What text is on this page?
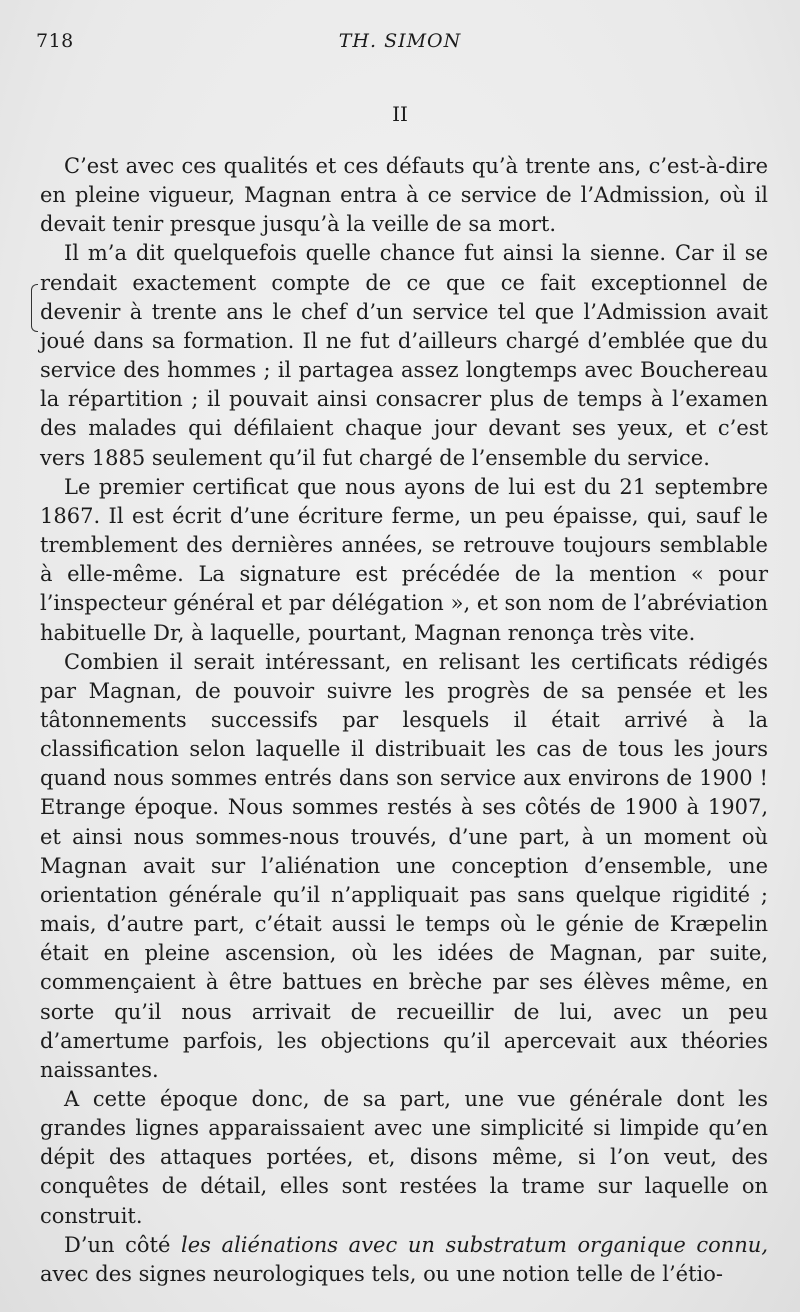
718	TH. SIMON
II

C’est avec ces qualités et ces défauts qu’à trente ans, c’est-à-dire en pleine vigueur, Magnan entra à ce service de l’Admission, où il devait tenir presque jusqu’à la veille de sa mort.

Il m’a dit quelquefois quelle chance fut ainsi la sienne. Car il se rendait exactement compte de ce que ce fait exceptionnel de devenir à trente ans le chef d’un service tel que l’Admission avait joué dans sa formation. Il ne fut d’ailleurs chargé d’emblée que du service des hommes ; il partagea assez longtemps avec Bouchereau la répartition ; il pouvait ainsi consacrer plus de temps à l’examen des malades qui défilaient chaque jour devant ses yeux, et c’est vers 1885 seulement qu’il fut chargé de l’ensemble du service.

Le premier certificat que nous ayons de lui est du 21 septembre 1867. Il est écrit d’une écriture ferme, un peu épaisse, qui, sauf le tremblement des dernières années, se retrouve toujours semblable à elle-même. La signature est précédée de la mention « pour l’inspecteur général et par délégation », et son nom de l’abréviation habituelle Dr, à laquelle, pourtant, Magnan renonça très vite.

Combien il serait intéressant, en relisant les certificats rédigés par Magnan, de pouvoir suivre les progrès de sa pensée et les tâtonnements successifs par lesquels il était arrivé à la classification selon laquelle il distribuait les cas de tous les jours quand nous sommes entrés dans son service aux environs de 1900 ! Etrange époque. Nous sommes restés à ses côtés de 1900 à 1907, et ainsi nous sommes-nous trouvés, d’une part, à un moment où Magnan avait sur l’aliénation une conception d’ensemble, une orientation générale qu’il n’appliquait pas sans quelque rigidité ; mais, d’autre part, c’était aussi le temps où le génie de Kræpelin était en pleine ascension, où les idées de Magnan, par suite, commençaient à être battues en brèche par ses élèves même, en sorte qu’il nous arrivait de recueillir de lui, avec un peu d’amertume parfois, les objections qu’il apercevait aux théories naissantes.

A cette époque donc, de sa part, une vue générale dont les grandes lignes apparaissaient avec une simplicité si limpide qu’en dépit des attaques portées, et, disons même, si l’on veut, des conquêtes de détail, elles sont restées la trame sur laquelle on construit.

D’un côté les aliénations avec un substratum organique connu, avec des signes neurologiques tels, ou une notion telle de l’étio-
